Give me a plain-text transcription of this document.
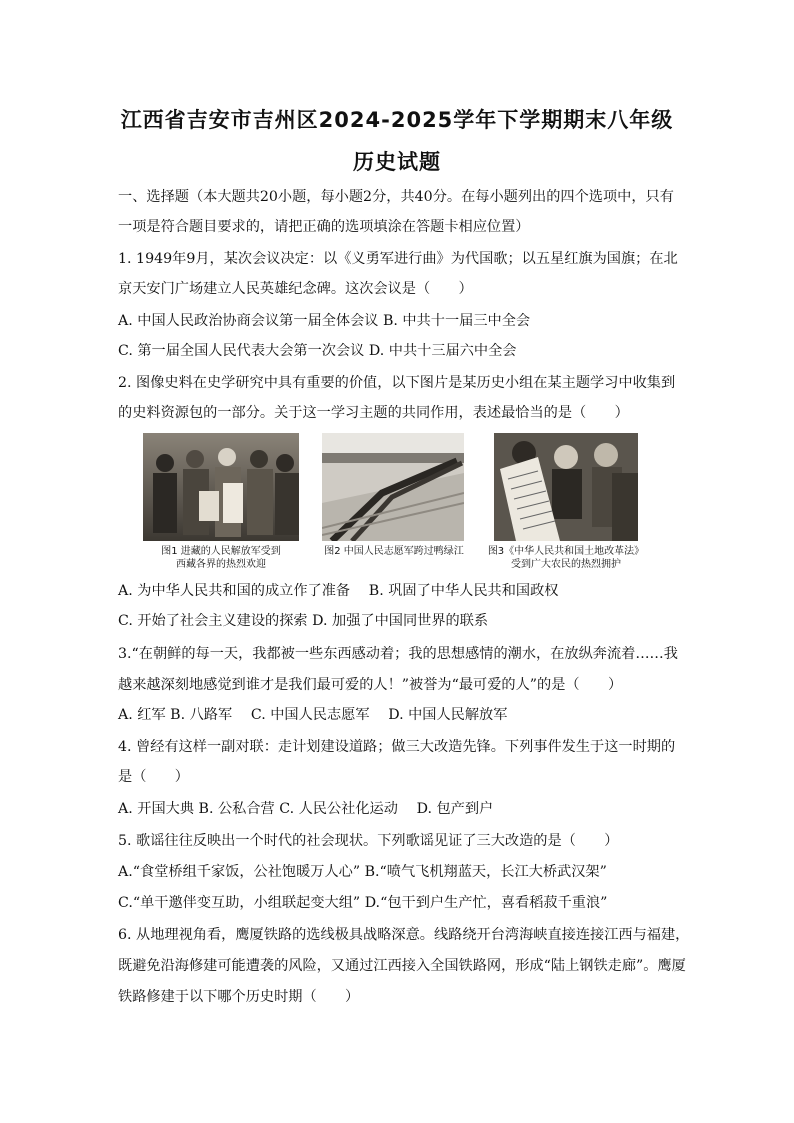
江西省吉安市吉州区2024-2025学年下学期期末八年级
历史试题
一、选择题（本大题共20小题，每小题2分，共40分。在每小题列出的四个选项中，只有
一项是符合题目要求的，请把正确的选项填涂在答题卡相应位置）
1. 1949年9月，某次会议决定：以《义勇军进行曲》为代国歌；以五星红旗为国旗；在北
京天安门广场建立人民英雄纪念碑。这次会议是（　　）
A. 中国人民政治协商会议第一届全体会议 B. 中共十一届三中全会
C. 第一届全国人民代表大会第一次会议 D. 中共十三届六中全会
2. 图像史料在史学研究中具有重要的价值，以下图片是某历史小组在某主题学习中收集到
的史料资源包的一部分。关于这一学习主题的共同作用，表述最恰当的是（　　）
图1 进藏的人民解放军受到
西藏各界的热烈欢迎
图2 中国人民志愿军跨过鸭绿江	图3《中华人民共和国土地改革法》
受到广大农民的热烈拥护
A. 为中华人民共和国的成立作了准备　 B. 巩固了中华人民共和国政权
C. 开始了社会主义建设的探索 D. 加强了中国同世界的联系
3.“在朝鲜的每一天，我都被一些东西感动着；我的思想感情的潮水，在放纵奔流着……我
越来越深刻地感觉到谁才是我们最可爱的人！”被誉为“最可爱的人”的是（　　）
A. 红军 B. 八路军　 C. 中国人民志愿军　 D. 中国人民解放军
4. 曾经有这样一副对联：走计划建设道路；做三大改造先锋。下列事件发生于这一时期的
是（　　）
A. 开国大典 B. 公私合营 C. 人民公社化运动　 D. 包产到户
5. 歌谣往往反映出一个时代的社会现状。下列歌谣见证了三大改造的是（　　）
A.“食堂桥组千家饭，公社饱暖万人心” B.“喷气飞机翔蓝天，长江大桥武汉架”
C.“单干邀伴变互助，小组联起变大组” D.“包干到户生产忙，喜看稻菽千重浪”
6. 从地理视角看，鹰厦铁路的选线极具战略深意。线路绕开台湾海峡直接连接江西与福建，
既避免沿海修建可能遭袭的风险，又通过江西接入全国铁路网，形成“陆上钢铁走廊”。鹰厦
铁路修建于以下哪个历史时期（　　）
